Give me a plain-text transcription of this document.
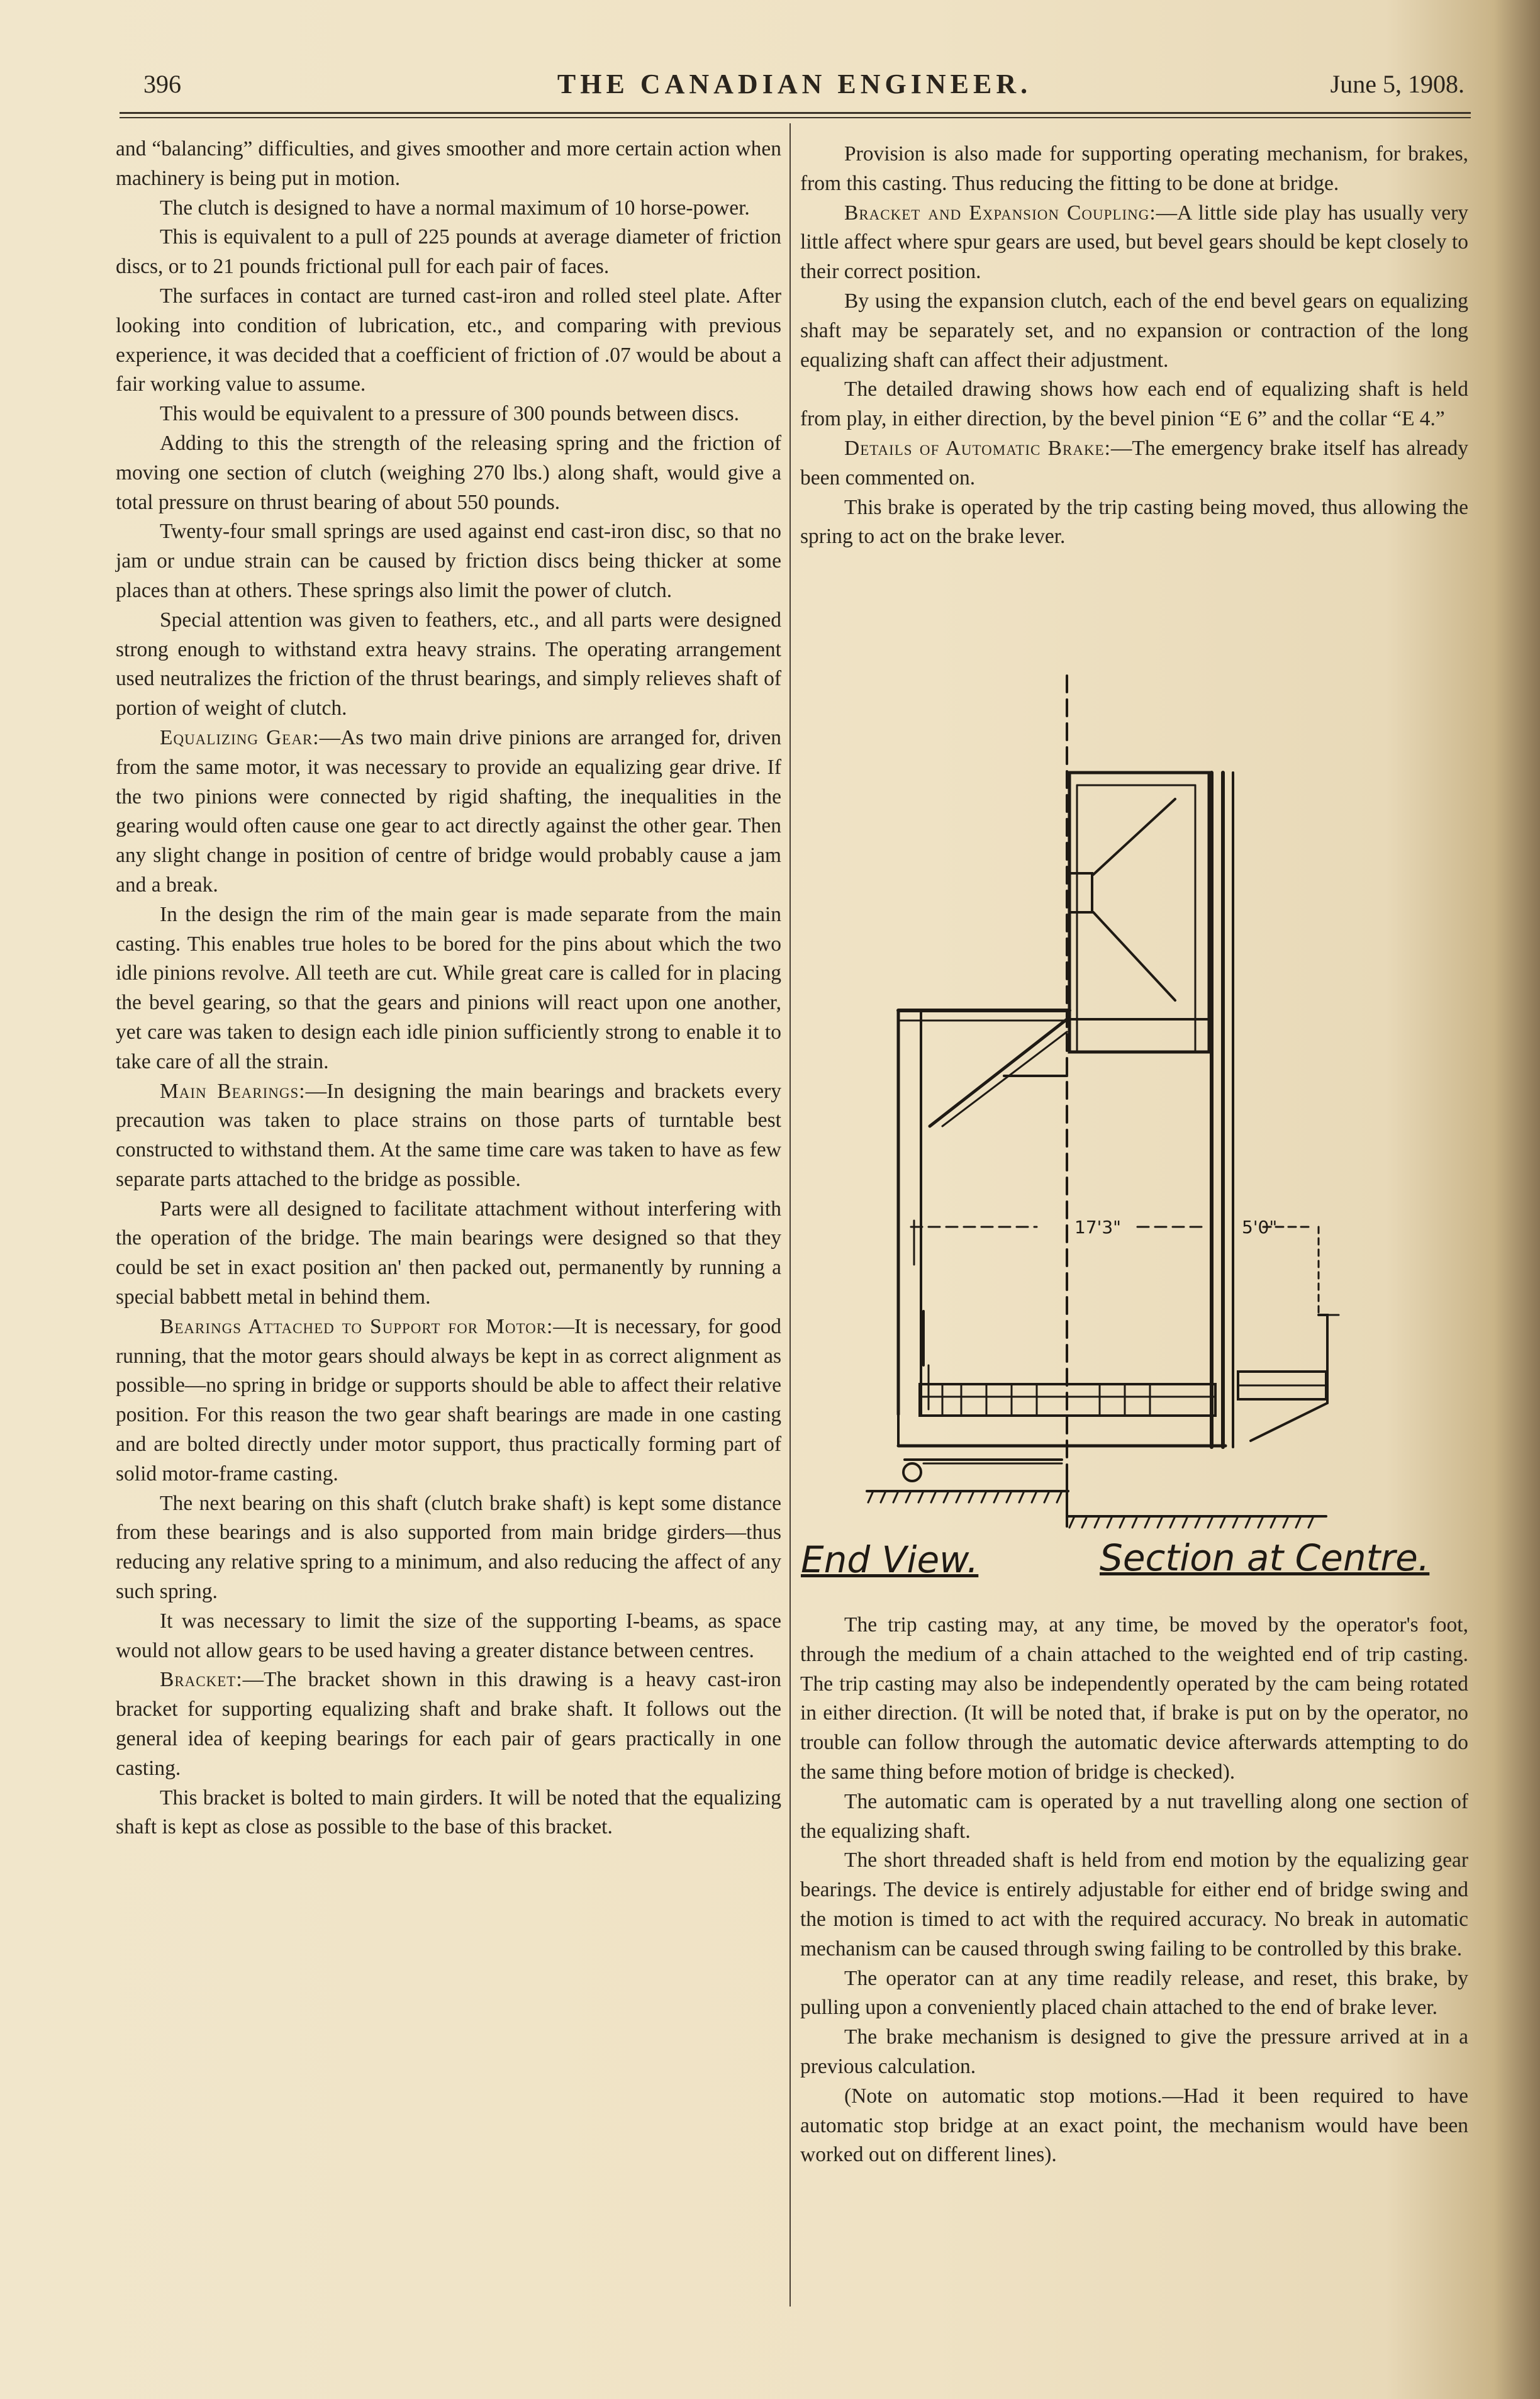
396	THE CANADIAN ENGINEER.	June 5, 1908.

and “balancing” difficulties, and gives smoother and more certain action when machinery is being put in motion.

The clutch is designed to have a normal maximum of 10 horse-power.

This is equivalent to a pull of 225 pounds at average diameter of friction discs, or to 21 pounds frictional pull for each pair of faces.

The surfaces in contact are turned cast-iron and rolled steel plate. After looking into condition of lubrication, etc., and comparing with previous experience, it was decided that a coefficient of friction of .07 would be about a fair working value to assume.

This would be equivalent to a pressure of 300 pounds between discs.

Adding to this the strength of the releasing spring and the friction of moving one section of clutch (weighing 270 lbs.) along shaft, would give a total pressure on thrust bearing of about 550 pounds.

Twenty-four small springs are used against end cast-iron disc, so that no jam or undue strain can be caused by friction discs being thicker at some places than at others. These springs also limit the power of clutch.

Special attention was given to feathers, etc., and all parts were designed strong enough to withstand extra heavy strains. The operating arrangement used neutralizes the friction of the thrust bearings, and simply relieves shaft of portion of weight of clutch.

Equalizing Gear:—As two main drive pinions are arranged for, driven from the same motor, it was necessary to provide an equalizing gear drive. If the two pinions were connected by rigid shafting, the inequalities in the gearing would often cause one gear to act directly against the other gear. Then any slight change in position of centre of bridge would probably cause a jam and a break.

In the design the rim of the main gear is made separate from the main casting. This enables true holes to be bored for the pins about which the two idle pinions revolve. All teeth are cut. While great care is called for in placing the bevel gearing, so that the gears and pinions will react upon one another, yet care was taken to design each idle pinion sufficiently strong to enable it to take care of all the strain.

Main Bearings:—In designing the main bearings and brackets every precaution was taken to place strains on those parts of turntable best constructed to withstand them. At the same time care was taken to have as few separate parts attached to the bridge as possible.

Parts were all designed to facilitate attachment without interfering with the operation of the bridge. The main bearings were designed so that they could be set in exact position an' then packed out, permanently by running a special babbett metal in behind them.

Bearings Attached to Support for Motor:—It is necessary, for good running, that the motor gears should always be kept in as correct alignment as possible—no spring in bridge or supports should be able to affect their relative position. For this reason the two gear shaft bearings are made in one casting and are bolted directly under motor support, thus practically forming part of solid motor-frame casting.

The next bearing on this shaft (clutch brake shaft) is kept some distance from these bearings and is also supported from main bridge girders—thus reducing any relative spring to a minimum, and also reducing the affect of any such spring.

It was necessary to limit the size of the supporting I-beams, as space would not allow gears to be used having a greater distance between centres.

Bracket:—The bracket shown in this drawing is a heavy cast-iron bracket for supporting equalizing shaft and brake shaft. It follows out the general idea of keeping bearings for each pair of gears practically in one casting.

This bracket is bolted to main girders. It will be noted that the equalizing shaft is kept as close as possible to the base of this bracket.

Provision is also made for supporting operating mechanism, for brakes, from this casting. Thus reducing the fitting to be done at bridge.

Bracket and Expansion Coupling:—A little side play has usually very little affect where spur gears are used, but bevel gears should be kept closely to their correct position.

By using the expansion clutch, each of the end bevel gears on equalizing shaft may be separately set, and no expansion or contraction of the long equalizing shaft can affect their adjustment.

The detailed drawing shows how each end of equalizing shaft is held from play, in either direction, by the bevel pinion “E 6” and the collar “E 4.”

Details of Automatic Brake:—The emergency brake itself has already been commented on.

This brake is operated by the trip casting being moved, thus allowing the spring to act on the brake lever.

17'3"	5'0"
End View.	Section at Centre.

The trip casting may, at any time, be moved by the operator's foot, through the medium of a chain attached to the weighted end of trip casting. The trip casting may also be independently operated by the cam being rotated in either direction. (It will be noted that, if brake is put on by the operator, no trouble can follow through the automatic device afterwards attempting to do the same thing before motion of bridge is checked).

The automatic cam is operated by a nut travelling along one section of the equalizing shaft.

The short threaded shaft is held from end motion by the equalizing gear bearings. The device is entirely adjustable for either end of bridge swing and the motion is timed to act with the required accuracy. No break in automatic mechanism can be caused through swing failing to be controlled by this brake.

The operator can at any time readily release, and reset, this brake, by pulling upon a conveniently placed chain attached to the end of brake lever.

The brake mechanism is designed to give the pressure arrived at in a previous calculation.

(Note on automatic stop motions.—Had it been required to have automatic stop bridge at an exact point, the mechanism would have been worked out on different lines).
